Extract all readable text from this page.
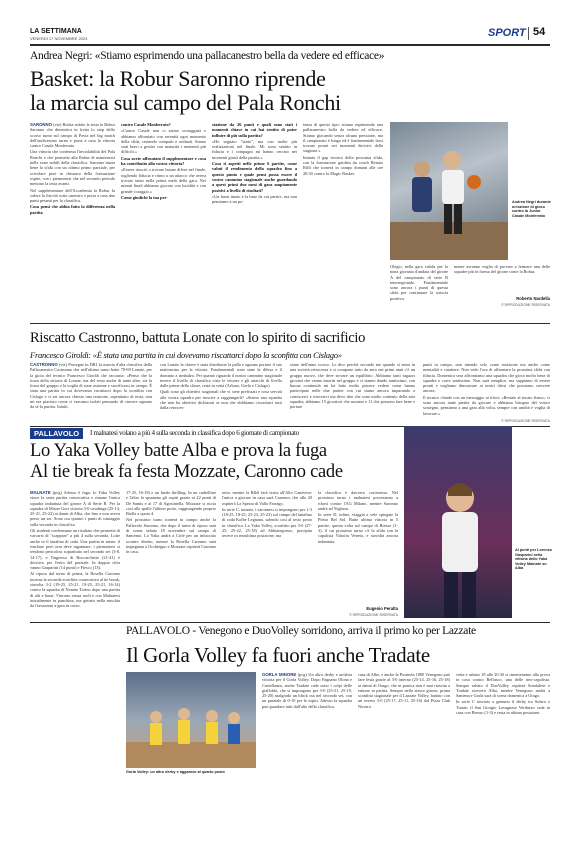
LA SETTIMANA
VENERDÌ 17 NOVEMBRE 2023	SPORT 54
Andrea Negri: «Stiamo esprimendo una pallacanestro bella da vedere ed efficace»
Basket: la Robur Saronno riprende
la marcia sul campo del Pala Ronchi

SARONNO (vtz) Rialza subito la testa la Robur Saronno che dimentica in fretta lo stop dello scorso turno sul campo di Pavia nel big match dell'undicesimo turno e porta a casa la vittoria contro Casale Monferrato.

Una vittoria che conferma l'inviolabilità del Pala Ronchi e che permette alla Robur di mantenersi nelle zone nobili della classifica. Saronno inizia bene la sfida con un ottimo primo parziale, per scivolare però in chiusura della formazione ospite, con i piemontesi che nel secondo periodo mettono la testa avanti.

Nel supplementare dell'Accademia la Robur fa valere la fisicità sotto canestro e porta a casa due punti pesanti per la classifica.

Cosa pensi che abbia fatto la differenza nella partita

contro Casale Monferrato?

«Contro Casale non ci siamo scoraggiati e abbiamo affrontato con serenità ogni momento della sfida, restando compatti e ordinati. Siamo stati bravi a gestire con maturità i momenti più difficili.»

Cosa avete affrontato il supplementare e cosa ha contribuito alla vostra vittoria?

«Essere riusciti a trovare buone difese nel finale, togliendo fiducia e ritmo a un attacco che aveva trovato tanto nella prima metà della gara. Nei minuti finali abbiamo giocato con lucidità e con grande coraggio.»

Come giudichi la tua pre-

stazione da 26 punti e quali sono stati i momenti chiave in cui hai sentito di poter influire di più sulla partita?

«Ho segnato "tanto", ma con molte più realizzazioni nel finale. Mi sono sentito in fiducia e i compagni mi hanno cercato nei momenti giusti della partita.»

Cosa ti aspetti nelle prime 6 partite, come valuti il rendimento della squadra fino a questo punto e quale pensi possa essere il vostro cammino stagionale anche guardando a quest primi due mesi di gara ampiamente positivi a livello di risultati?

«Un buon inizio è la base da cui partire, ma non pensiamo a un pa-

tenza di questo tipo: stiamo esprimendo una pallacanestro bella da vedere ed efficace. Stiamo giocando senza alcuna pressione, ma il campionato è lungo ed è fondamentale farsi trovare pronti nei momenti decisivi della stagione.»

Intanto il gap tecnico della prossima sfida, con la formazione guidata da coach Renato Riffi che tornerà in campo domani alle ore 20:30 contro la Magic Basket.

Andrea Negri durante un'azione di gioco contro la Junior Casale Monferrato

Olegio, nella gara valida per la nona giornata d'andata del girone A del campionato di serie B interregionale. Fondamentale sono ancora i punti di questa sfida per continuare la striscia positiva.

mente avranno voglia di provare a fermare una delle squadre più in forma del girone come la Robur.

Roberto Nardella
© RIPRODUZIONE RISERVATA
Riscatto Castronno, battuta Lonate con lo spirito di sacrificio
Francesco Giroldi: «È stata una partita in cui dovevamo riscattarci dopo la sconfitta con Cislago»

CASTRONNO (vtz) Prosegue in DR1 la marcia d'alta classifica della Pallacanestro Castronno che nell'ultimo turno batte 70-69 Lonate, per la gioia del tecnico Francesco Giroldi che racconta: «Penso che la forza della vittoria di Lonate, ma del resto anche di tante altre, sia la forza del gruppo e la voglia di stare assieme e sacrificarsi in campo. È stata una partita in cui dovevamo riscattarci dopo la sconfitta con Cislago e ci sei ancora chiesto una reazione, soprattutto di testa, non mi era piaciuto come ci eravamo isolati pensando di vincere ognuno da sé la partita. Infatti,

con Lonate la chiave è stata distribuire la palla e ognuno portare il suo mattoncino per la vittoria. Fondamentali sono state la difesa e il dominio a rimbalzo. Per quanto riguarda il nostro cammino stagionale invece il livello di classifica viste le vittorie e gli attacchi di livello dalle prime della classe, resta in vetta (Arluno, Gorla e Cislago).

Quali sono gli obiettivi stagionali che vi siete prefissati e cosa servirà alla vostra squadra per riuscire a raggiungerli? «Siamo una squadra che non ha obiettivi dichiarati se non che dobbiamo riscattarci tutti dalla retroces-

sione dell'anno scorso. Lo dico perché secondo me quando si entra in una società retrocessa e si compone tutto da zero nei primi anni c'è un gruppo nuovo, che deve trovare un equilibrio. Abbiamo tanti ragazzi giovani che vanno inseriti nel gruppo e ci stanno dando tantissimo, con buona continuità mi ha fatto molto piacere vedere come hanno partecipato nelle due partite con cui siamo ancora imparando a conoscerci e ritrovarci ma devo dire che sono molto contento della mia squadra, abbiamo 15 giocatori che ruotano e 11 che possono fare bene e portare

punti in campo, non intendo solo come rotazione ma anche come mentalità e carattere. Non vedo l'ora di affrontare la prossima sfida con fiducia. Domenica sera affrontiamo una squadra che gioca molto bene di squadra e corre tantissimo. Non sarà semplice, ma sappiamo di essere pronti e vogliamo dimostrare ai nostri tifosi che possiamo crescere ancora.

Il tecnico chiude con un messaggio ai tifosi: «Restate al nostro fianco, ci sono ancora tante partite da giocare e abbiamo bisogno del vostro sostegno, pensiamo a una gara alla volta, sempre con umiltà e voglia di lavorare.»

© RIPRODUZIONE RISERVATA
PALLAVOLO	I malnatesi volano a più 4 sulla seconda in classifica dopo 6 giornate di campionato
Lo Yaka Volley batte Alba e prova la fuga
Al tie break fa festa Mozzate, Caronno cade

MALNATE (pcg) Adesso è fuga: lo Yaka Volley vince la sesta partita consecutiva e rimane l'unica squadra imbattuta del girone A di Serie B. Per la squadra di Mister Gori vittoria 3-0 casalinga (25-14, 25-21, 25-22) ai danni di Alba, che fino a non aveva perso un set. Sono ora quattro i punti di vantaggio sulla seconda in classifica.

Gli studenti confermano un risultato che permette di varcarsi di "scappare" a più 4 sulla seconda. Lotte anche se il fanalino di coda. Una partita in meno: il risultato però non deve ingannare: i piemontesi si rendono pericolosi soprattutto nel secondo set (3-8, 14-17), e l'ingresso di Boccarchetto (21-21) è decisivo per l'esito del parziale. In doppia cifra vanno Gasparini (14 punti) e Fiesco (13).

Al riposo dal turno di prima, la Rosella Caronno incassa la seconda sconfitta consecutiva al tie break, stavolta 3-2 (19-25, 25-21, 19-25, 25-21, 16-14) contro la squadra di Nonato Torino dopo una partita di alti e bassi. Vincono senza ruoli e con Malnatesi inizialmente in panchina, ma gettato nella mischia da Gavazzeni a gara in corso.

17-25, 16-18) e un finale thrilling. In un carbellino e l'altro la spuntano gli ospiti grazie ai 22 punti di De Santis e ai 17 di Agostinella. Mozzate si riscia così alle spalle l'ultimo posto, raggiungendo proprio Biella a quota 4.

Nel prossimo turno tornerà in campo anche la Pallavolo Saronno, che dopo il turno di riposo sarà di scena sabato 18 novembre sul campo di Sanremo. Lo Yaka andrà a Cirié per un infuocato scontro diretto, mentre la Rosella Caronno sarà impegnata a Occhieppo e Mozzate ospiterà Caronno in casa.

retto, mentre la R&S farà visita all'Alto Canavese; l'unica a giocare in casa sarà Caronno, che alle 20 ospiterà La Spezia di Vallo Farrago.

In serie C, intanto, i saronnesi si impongono per 1-3 (18-25, 18-25, 25-23, 25-23) sul campo del fanalino di coda Kolbe Legnano, salendo così al sesto posto in classifica. Lo Yaka Volley, sconfitto per 3-0 (27-25, 25-22, 25-18) ad Abbiategrasso, precipita invece in terzultima posizione, ma

la classifica è davvero cortissima. Nel prossimo turno i malnatesi proveranno a rifarsi contro l'AG Milano, mentre Saronno andrà ad Yoghera.

In serie D, infine, viaggia a vele spiegate la Pietra Bel Sol. Batte ultima vittoria in 5 partite, questa volta sul campo di Bresso (1-3), il cui prossimo turno c'è la sfida con la capolista Vittoria Veneto, e stavolta ancora imbattuta.

Eugenio Peralta
© RIPRODUZIONE RISERVATA
Ai punti per Lorenzo Gasparini nella vittoria dello Yaka Volley Malnate su Alba
PALLAVOLO - Venegono e DuoVolley sorridono, arriva il primo ko per Lazzate
Il Gorla Volley fa fuori anche Tradate
Gorla Volley: un altro derby e aggancio al quarto posto

GORLA MINORE (pcg) Un altro derby e un'altra vittoria per il Gorla Volley. Dopo Fagnano Olona e Castellanza, anche Tradate cade sotto i colpi delle gialloblu, che si impongono per 3-0 (25-21, 25-19, 25-20) malgrado un black out nel secondo set, con un parziale di 0-10 per le ospiti. Adesso la squadra può guardare tutti dall'alto della classifica.

casa di Albe, e anche la Posnerla 1880 Venegono può fare festa grazie al 3-0 interno (25-14, 25-16, 25-18) ai danni di Orago, che in pratica non è mai riuscita a entrare in partita. Sempre nello stesso girone, prima sconfitta stagionale per il Lazzate Volley, battuto con un severo 3-0 (25-17, 25-11, 25-16) dal Pizza Club Novara.

vetta e sabato 18 alle 20.30 si rimetteranno alla prova in casa contro Bellusco, una delle neo-capolista. Sempre sabato il DuoVolley ospiterà Sondalese e Tradate riceverà Alba, mentre Venegono andrà a Santena e Gorla sarà di scena domenica a Orago.

In serie C rinviato a gennaio il derby tra Solaro e Turate; il San Giorgio Lavagnese Verdazzo cade in casa con Bresso (1-3) e resta in ultima posizione.
